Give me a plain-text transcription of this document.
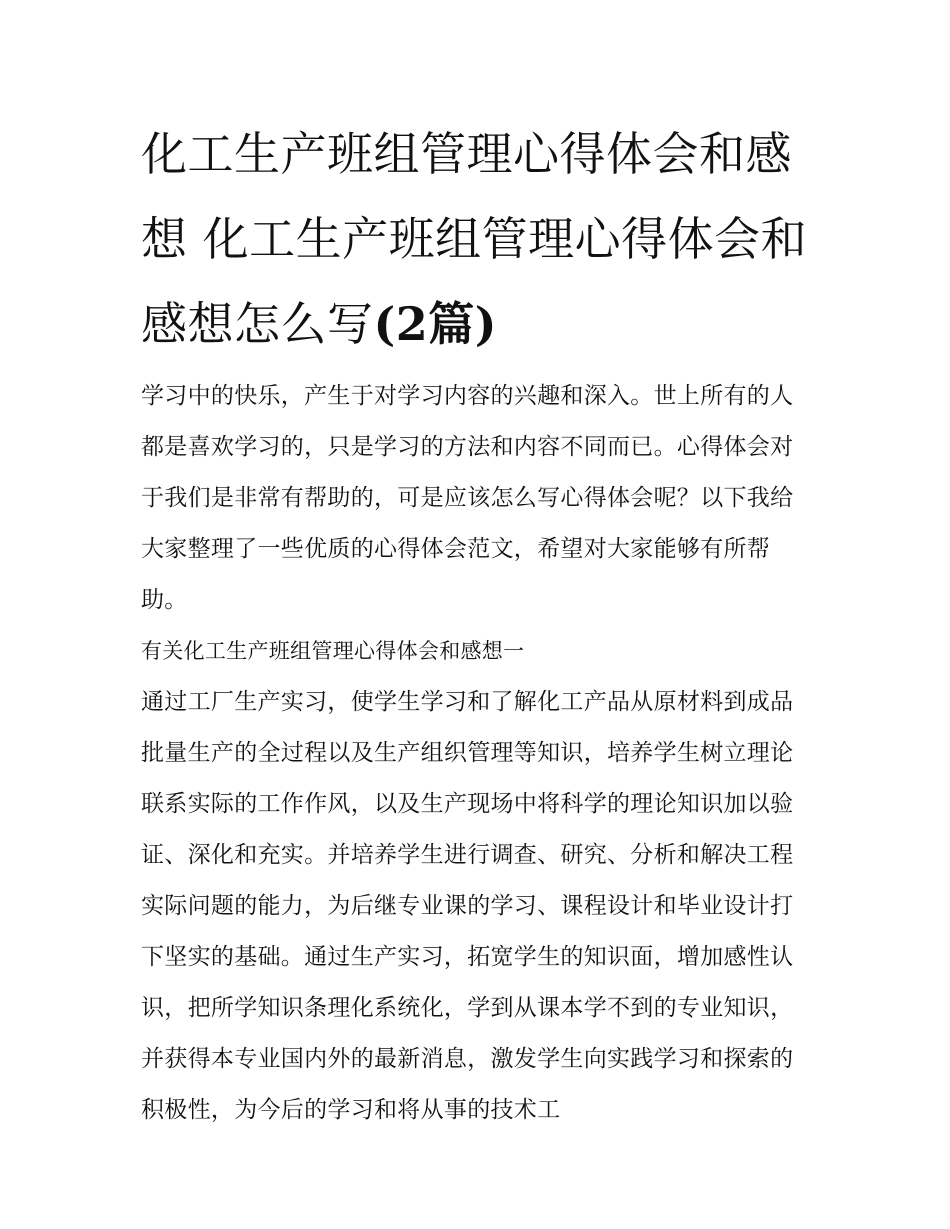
化工生产班组管理心得体会和感想 化工生产班组管理心得体会和感想怎么写(2篇)

学习中的快乐，产生于对学习内容的兴趣和深入。世上所有的人都是喜欢学习的，只是学习的方法和内容不同而已。心得体会对于我们是非常有帮助的，可是应该怎么写心得体会呢？以下我给大家整理了一些优质的心得体会范文，希望对大家能够有所帮助。

有关化工生产班组管理心得体会和感想一

通过工厂生产实习，使学生学习和了解化工产品从原材料到成品批量生产的全过程以及生产组织管理等知识，培养学生树立理论联系实际的工作作风，以及生产现场中将科学的理论知识加以验证、深化和充实。并培养学生进行调查、研究、分析和解决工程实际问题的能力，为后继专业课的学习、课程设计和毕业设计打下坚实的基础。通过生产实习，拓宽学生的知识面，增加感性认识，把所学知识条理化系统化，学到从课本学不到的专业知识，并获得本专业国内外的最新消息，激发学生向实践学习和探索的积极性，为今后的学习和将从事的技术工
